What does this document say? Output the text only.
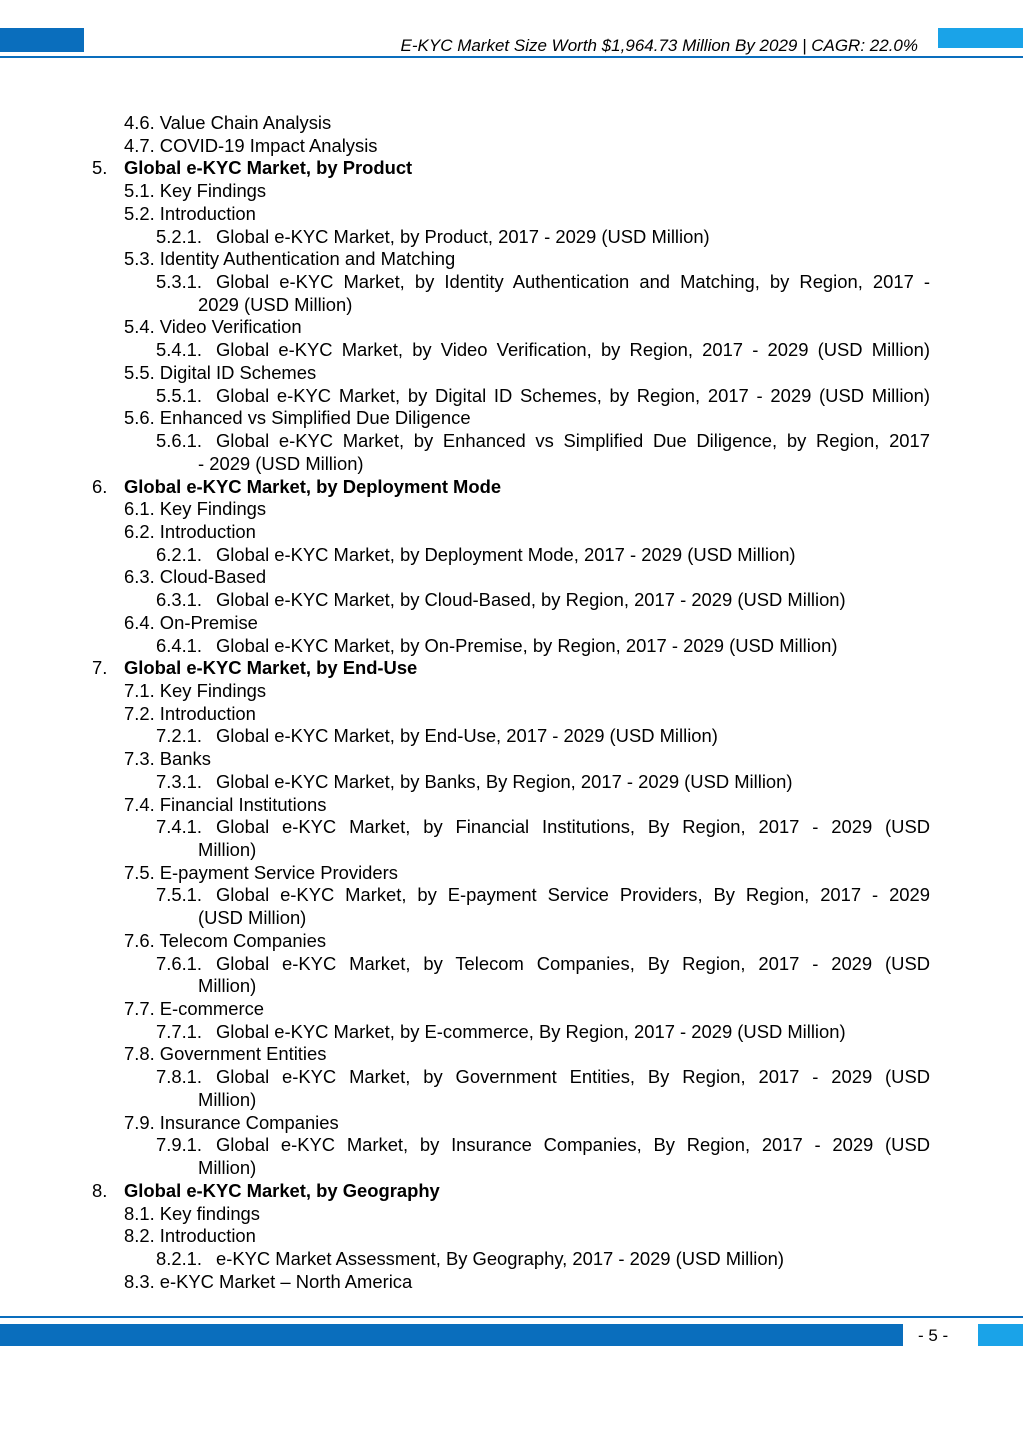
E-KYC Market Size Worth $1,964.73 Million By 2029 | CAGR: 22.0%
4.6. Value Chain Analysis
4.7. COVID-19 Impact Analysis
5. Global e-KYC Market, by Product
5.1. Key Findings
5.2. Introduction
5.2.1. Global e-KYC Market, by Product, 2017 - 2029 (USD Million)
5.3. Identity Authentication and Matching
5.3.1. Global e-KYC Market, by Identity Authentication and Matching, by Region, 2017 -
2029 (USD Million)
5.4. Video Verification
5.4.1. Global e-KYC Market, by Video Verification, by Region, 2017 - 2029 (USD Million)
5.5. Digital ID Schemes
5.5.1. Global e-KYC Market, by Digital ID Schemes, by Region, 2017 - 2029 (USD Million)
5.6. Enhanced vs Simplified Due Diligence
5.6.1. Global e-KYC Market, by Enhanced vs Simplified Due Diligence, by Region, 2017
- 2029 (USD Million)
6. Global e-KYC Market, by Deployment Mode
6.1. Key Findings
6.2. Introduction
6.2.1. Global e-KYC Market, by Deployment Mode, 2017 - 2029 (USD Million)
6.3. Cloud-Based
6.3.1. Global e-KYC Market, by Cloud-Based, by Region, 2017 - 2029 (USD Million)
6.4. On-Premise
6.4.1. Global e-KYC Market, by On-Premise, by Region, 2017 - 2029 (USD Million)
7. Global e-KYC Market, by End-Use
7.1. Key Findings
7.2. Introduction
7.2.1. Global e-KYC Market, by End-Use, 2017 - 2029 (USD Million)
7.3. Banks
7.3.1. Global e-KYC Market, by Banks, By Region, 2017 - 2029 (USD Million)
7.4. Financial Institutions
7.4.1. Global e-KYC Market, by Financial Institutions, By Region, 2017 - 2029 (USD
Million)
7.5. E-payment Service Providers
7.5.1. Global e-KYC Market, by E-payment Service Providers, By Region, 2017 - 2029
(USD Million)
7.6. Telecom Companies
7.6.1. Global e-KYC Market, by Telecom Companies, By Region, 2017 - 2029 (USD
Million)
7.7. E-commerce
7.7.1. Global e-KYC Market, by E-commerce, By Region, 2017 - 2029 (USD Million)
7.8. Government Entities
7.8.1. Global e-KYC Market, by Government Entities, By Region, 2017 - 2029 (USD
Million)
7.9. Insurance Companies
7.9.1. Global e-KYC Market, by Insurance Companies, By Region, 2017 - 2029 (USD
Million)
8. Global e-KYC Market, by Geography
8.1. Key findings
8.2. Introduction
8.2.1. e-KYC Market Assessment, By Geography, 2017 - 2029 (USD Million)
8.3. e-KYC Market – North America
- 5 -
